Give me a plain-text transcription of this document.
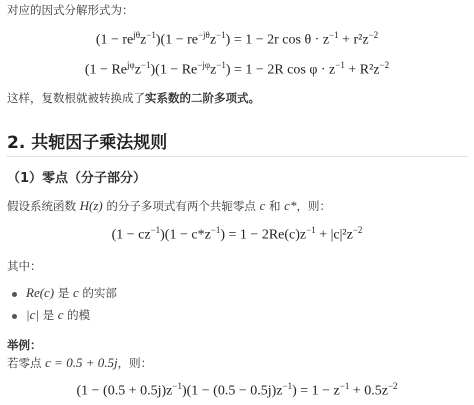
对应的因式分解形式为：
$(1 - re^{j\theta}z^{-1})(1 - re^{-j\theta}z^{-1}) = 1 - 2r$ $\cos \theta \cdot z^{-1} + r^2z^{-2}$
$(1 - Re^{j\varphi}z^{-1})(1 - Re^{-j\varphi}z^{-1}) = 1 - 2R$ $\cos \varphi \cdot z^{-1} + R^2z^{-2}$
这样，复数根就被转换成了实系数的二阶多项式。
2. 共轭因子乘法规则
（1）零点（分子部分）
假设系统函数 H(z) 的分子多项式有两个共轭零点 c 和 c*，则：
$(1 - cz^{-1})(1 - c*z^{-1}) = 1 - 2Re(c)z^{-1} + |c|^2z^{-2}$
其中：
Re(c) 是 c 的实部
|c| 是 c 的模
举例：
若零点 c = 0.5 + 0.5j，则：
$(1 - (0.5 + 0.5j)z^{-1})(1 - (0.5 - 0.5j)z^{-1}) = 1 - z^{-1} + 0.5z^{-2}$
